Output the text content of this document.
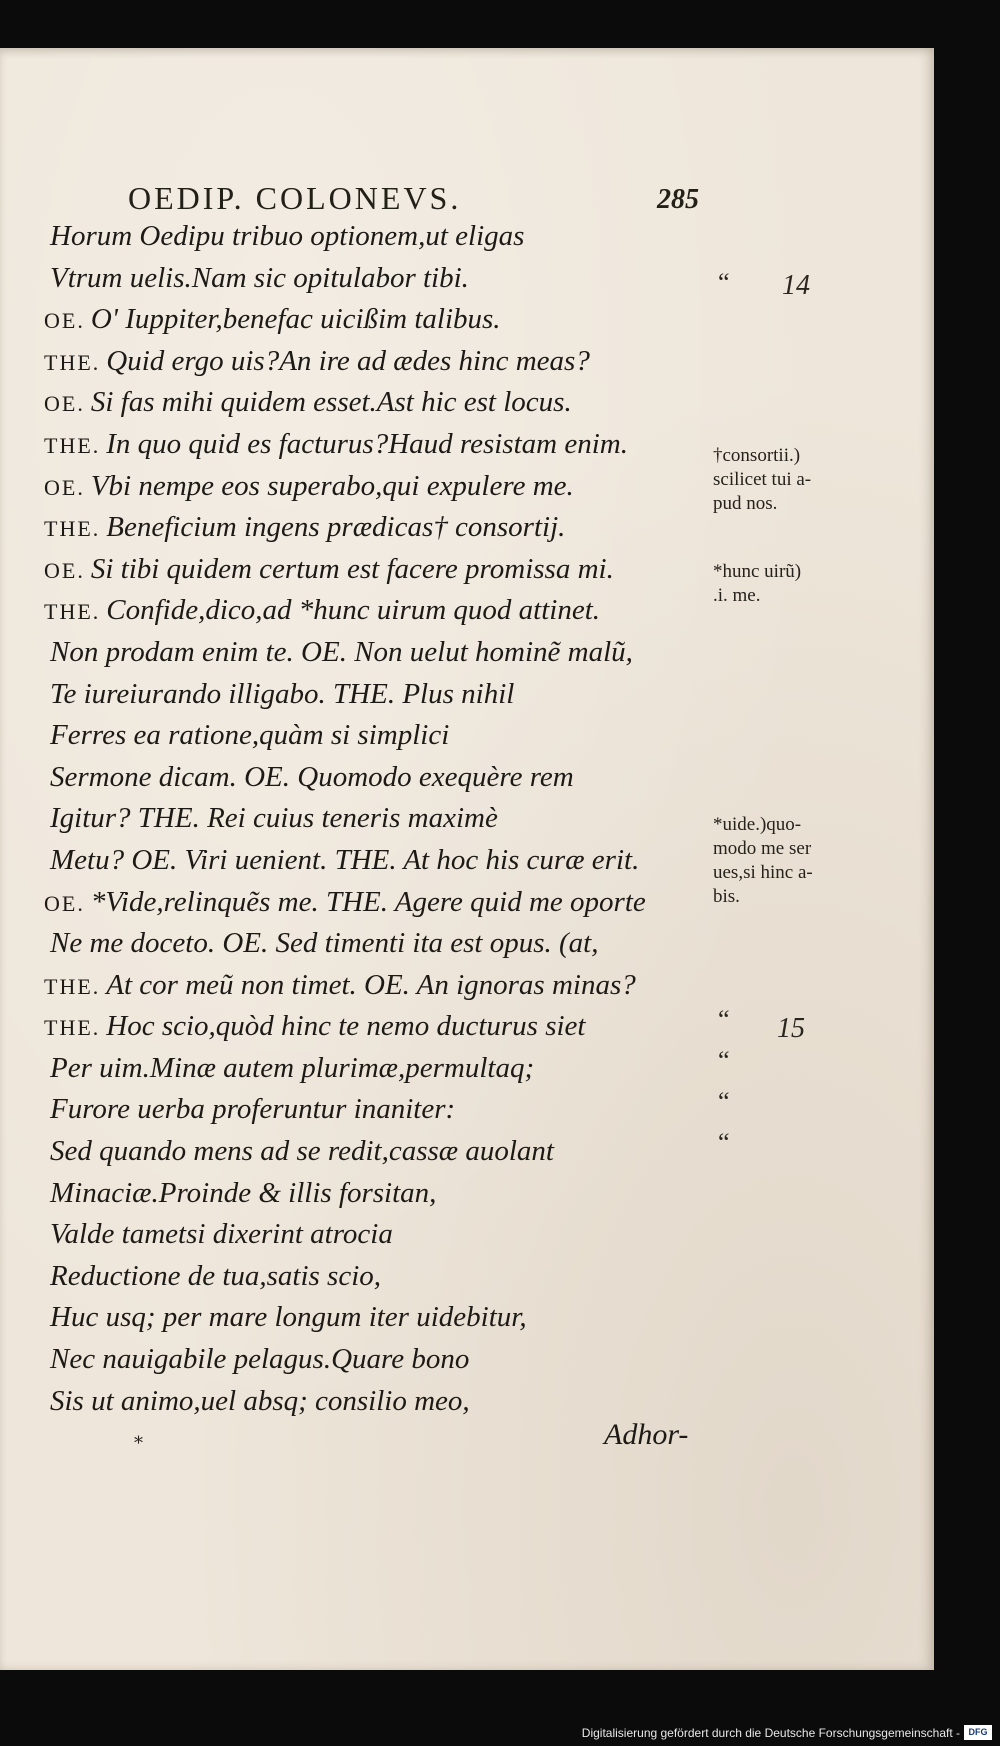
OEDIP. COLONEVS.	285
Horum Oedipu tribuo optionem,ut eligas
Vtrum uelis.Nam sic opitulabor tibi.
OE. O' Iuppiter,benefac uicißim talibus.
THE. Quid ergo uis?An ire ad ædes hinc meas?
OE. Si fas mihi quidem esset.Ast hic est locus.
THE. In quo quid es facturus?Haud resistam enim.
OE. Vbi nempe eos superabo,qui expulere me.
THE. Beneficium ingens prædicas† consortij.
OE. Si tibi quidem certum est facere promissa mi.
THE. Confide,dico,ad *hunc uirum quod attinet.
Non prodam enim te. OE. Non uelut hominẽ malũ,
Te iureiurando illigabo. THE. Plus nihil
Ferres ea ratione,quàm si simplici
Sermone dicam. OE. Quomodo exequère rem
Igitur? THE. Rei cuius teneris maximè
Metu? OE. Viri uenient. THE. At hoc his curæ erit.
OE. *Vide,relinquẽs me. THE. Agere quid me oporte
Ne me doceto. OE. Sed timenti ita est opus. (at,
THE. At cor meũ non timet. OE. An ignoras minas?
THE. Hoc scio,quòd hinc te nemo ducturus siet
Per uim.Minæ autem plurimæ,permultaq;
Furore uerba proferuntur inaniter:
Sed quando mens ad se redit,cassæ auolant
Minaciæ.Proinde & illis forsitan,
Valde tametsi dixerint atrocia
Reductione de tua,satis scio,
Huc usq; per mare longum iter uidebitur,
Nec nauigabile pelagus.Quare bono
Sis ut animo,uel absq; consilio meo,
“
“
“
“
“
14
15
†consortii.)
scilicet tui a-
pud nos.
*hunc uirũ)
.i. me.
*uide.)quo-
modo me ser
ues,si hinc a-
bis.
*	Adhor-
Digitalisierung gefördert durch die Deutsche Forschungsgemeinschaft - DFG
